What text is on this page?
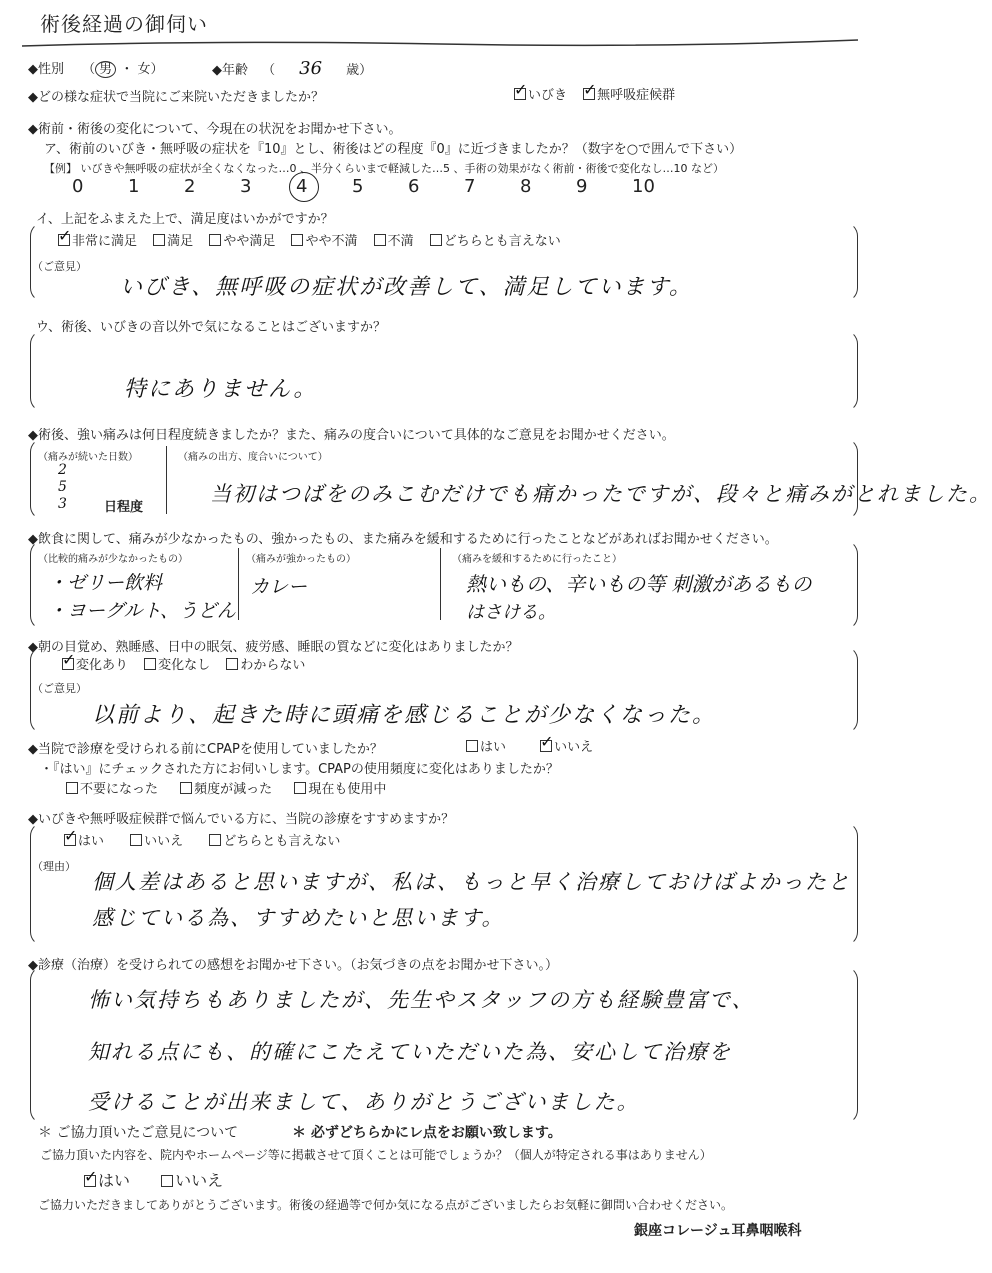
術後経過の御伺い
◆性別 （ 男 ・ 女）	◆年齢 （ 36 歳）
◆どの様な症状で当院にご来院いただきましたか？ ✓	いびき ✓ 無呼吸症候群
◆術前・術後の変化について、今現在の状況をお聞かせ下さい。
ア、術前のいびき・無呼吸の症状を『10』とし、術後はどの程度『0』に近づきましたか？（数字を○で囲んで下さい）
【例】 いびきや無呼吸の症状が全くなくなった…0 、半分くらいまで軽減した…5 、手術の効果がなく術前・術後で変化なし…10 など）
0 1 2 3 4 5 6 7 8 9 10
イ、上記をふまえた上で、満足度はいかがですか？
✓非常に満足 満足 やや満足 やや不満 不満 どちらとも言えない
（ご意見）
いびき、無呼吸の症状が改善して、満足しています。
ウ、術後、いびきの音以外で気になることはございますか？
特にありません。
◆術後、強い痛みは何日程度続きましたか？また、痛みの度合いについて具体的なご意見をお聞かせください。
（痛みが続いた日数）
2
5
3	日程度
（痛みの出方、度合いについて）
当初はつばをのみこむだけでも痛かったですが、段々と痛みがとれました。
◆飲食に関して、痛みが少なかったもの、強かったもの、また痛みを緩和するために行ったことなどがあればお聞かせください。
（比較的痛みが少なかったもの）
・ゼリー飲料
・ヨーグルト、うどん
（痛みが強かったもの）
カレー
（痛みを緩和するために行ったこと）
熱いもの、辛いもの等 刺激があるもの
はさける。
◆朝の目覚め、熟睡感、日中の眠気、疲労感、睡眠の質などに変化はありましたか？
✓変化あり 変化なし わからない
（ご意見）
以前より、起きた時に頭痛を感じることが少なくなった。
◆当院で診療を受けられる前にCPAPを使用していましたか？	はい ✓	いいえ
・『はい』にチェックされた方にお伺いします。CPAPの使用頻度に変化はありましたか？
不要になった	頻度が減った	現在も使用中
◆いびきや無呼吸症候群で悩んでいる方に、当院の診療をすすめますか？
✓はい	いいえ	どちらとも言えない
（理由）
個人差はあると思いますが、私は、もっと早く治療しておけばよかったと
感じている為、すすめたいと思います。
◆診療（治療）を受けられての感想をお聞かせ下さい。（お気づきの点をお聞かせ下さい。）
怖い気持ちもありましたが、先生やスタッフの方も経験豊富で、
知れる点にも、的確にこたえていただいた為、安心して治療を
受けることが出来まして、ありがとうございました。
＊ ご協力頂いたご意見について	＊ 必ずどちらかにレ点をお願い致します。
ご協力頂いた内容を、院内やホームページ等に掲載させて頂くことは可能でしょうか？（個人が特定される事はありません）
✓はい	いいえ
ご協力いただきましてありがとうございます。術後の経過等で何か気になる点がございましたらお気軽に御問い合わせください。
銀座コレージュ耳鼻咽喉科
